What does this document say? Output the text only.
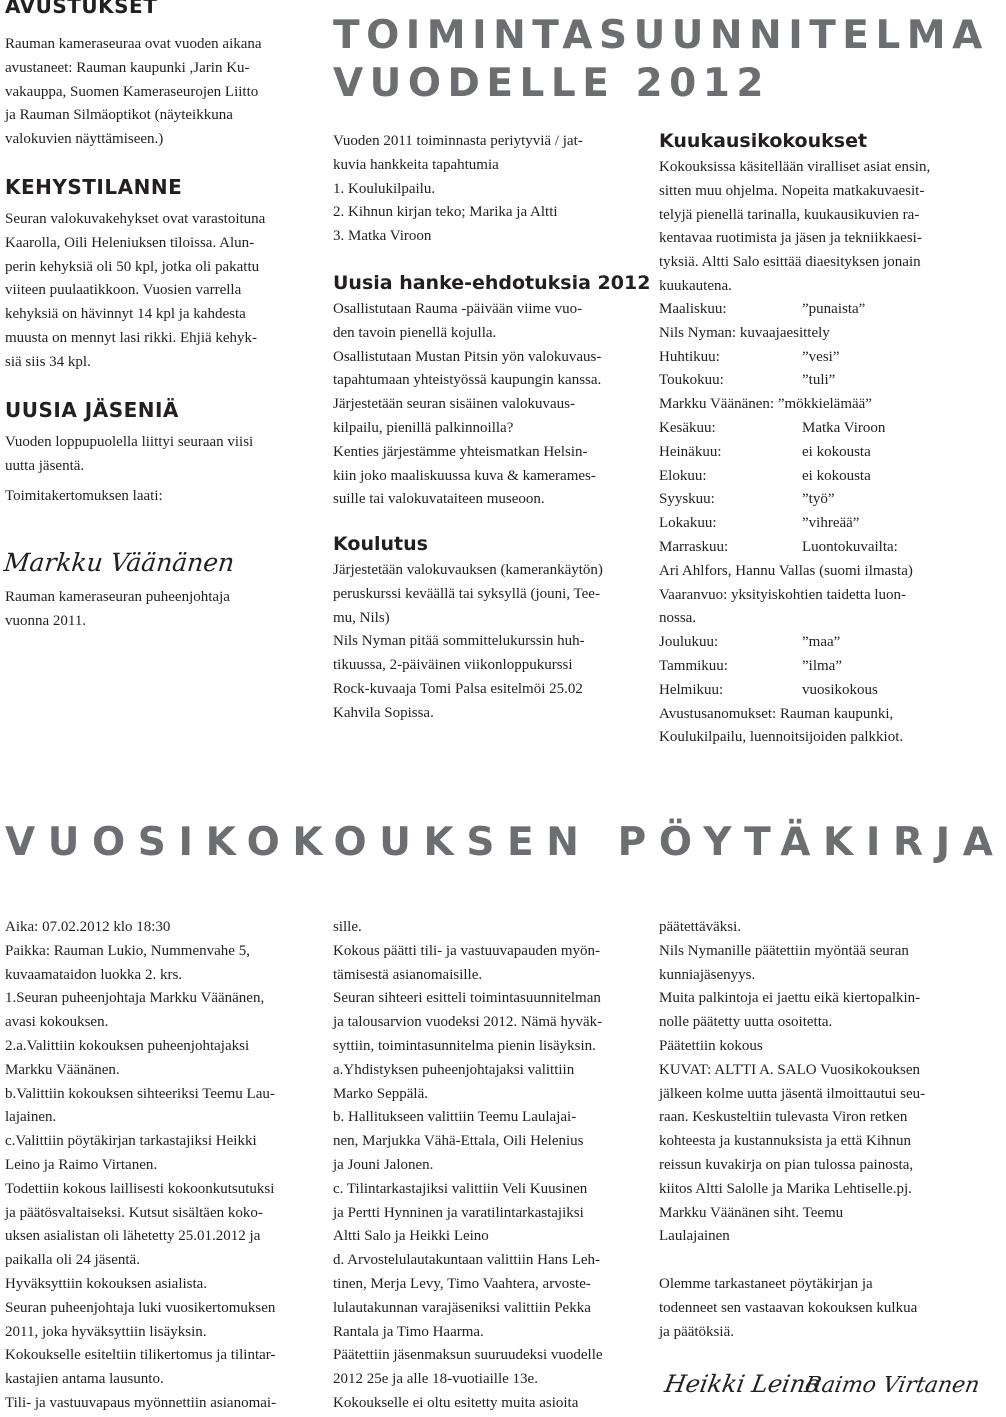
AVUSTUKSET

Rauman kameraseuraa ovat vuoden aikana

avustaneet: Rauman kaupunki ,Jarin Ku-

vakauppa, Suomen Kameraseurojen Liitto

ja Rauman Silmäoptikot (näyteikkuna

valokuvien näyttämiseen.)

KEHYSTILANNE

Seuran valokuvakehykset ovat varastoituna

Kaarolla, Oili Heleniuksen tiloissa. Alun-

perin kehyksiä oli 50 kpl, jotka oli pakattu

viiteen puulaatikkoon. Vuosien varrella

kehyksiä on hävinnyt 14 kpl ja kahdesta

muusta on mennyt lasi rikki. Ehjiä kehyk-

siä siis 34 kpl.

UUSIA JÄSENIÄ

Vuoden loppupuolella liittyi seuraan viisi

uutta jäsentä.

Toimitakertomuksen laati:

Markku Väänänen

Rauman kameraseuran puheenjohtaja

vuonna 2011.

TOIMINTASUUNNITELMA
VUODELLE 2012

Vuoden 2011 toiminnasta periytyviä / jat-

kuvia hankkeita tapahtumia

1. Koulukilpailu.

2. Kihnun kirjan teko; Marika ja Altti

3. Matka Viroon

Uusia hanke-ehdotuksia 2012

Osallistutaan Rauma -päivään viime vuo-

den tavoin pienellä kojulla.

Osallistutaan Mustan Pitsin yön valokuvaus-

tapahtumaan yhteistyössä kaupungin kanssa.

Järjestetään seuran sisäinen valokuvaus-

kilpailu, pienillä palkinnoilla?

Kenties järjestämme yhteismatkan Helsin-

kiin joko maaliskuussa kuva & kamerames-

suille tai valokuvataiteen museoon.

Koulutus

Järjestetään valokuvauksen (kamerankäytön)

peruskurssi keväällä tai syksyllä (jouni, Tee-

mu, Nils)

Nils Nyman pitää sommittelukurssin huh-

tikuussa, 2-päiväinen viikonloppukurssi

Rock-kuvaaja Tomi Palsa esitelmöi 25.02

Kahvila Sopissa.

Kuukausikokoukset

Kokouksissa käsitellään viralliset asiat ensin,

sitten muu ohjelma. Nopeita matkakuvaesit-

telyjä pienellä tarinalla, kuukausikuvien ra-

kentavaa ruotimista ja jäsen ja tekniikkaesi-

tyksiä. Altti Salo esittää diaesityksen jonain

kuukautena.

Maaliskuu:	”punaista”
Nils Nyman: kuvaajaesittely
Huhtikuu:	”vesi”
Toukokuu:	”tuli”
Markku Väänänen: ”mökkielämää”
Kesäkuu:	Matka Viroon
Heinäkuu:	ei kokousta
Elokuu:	ei kokousta
Syyskuu:	”työ”
Lokakuu:	”vihreää”
Marraskuu:	Luontokuvailta:
Ari Ahlfors, Hannu Vallas (suomi ilmasta)
Vaaranvuo: yksityiskohtien taidetta luon-
nossa.
Joulukuu:	”maa”
Tammikuu:	”ilma”
Helmikuu:	vuosikokous

Avustusanomukset: Rauman kaupunki,

Koulukilpailu, luennoitsijoiden palkkiot.

VUOSIKOKOUKSEN PÖYTÄKIRJA

Aika: 07.02.2012 klo 18:30

Paikka: Rauman Lukio, Nummenvahe 5,

kuvaamataidon luokka 2. krs.

1.Seuran puheenjohtaja Markku Väänänen,

avasi kokouksen.

2.a.Valittiin kokouksen puheenjohtajaksi

Markku Väänänen.

b.Valittiin kokouksen sihteeriksi Teemu Lau-

lajainen.

c.Valittiin pöytäkirjan tarkastajiksi Heikki

Leino ja Raimo Virtanen.

Todettiin kokous laillisesti kokoonkutsutuksi

ja päätösvaltaiseksi. Kutsut sisältäen koko-

uksen asialistan oli lähetetty 25.01.2012 ja

paikalla oli 24 jäsentä.

Hyväksyttiin kokouksen asialista.

Seuran puheenjohtaja luki vuosikertomuksen

2011, joka hyväksyttiin lisäyksin.

Kokoukselle esiteltiin tilikertomus ja tilintar-

kastajien antama lausunto.

Tili- ja vastuuvapaus myönnettiin asianomai-

sille.

Kokous päätti tili- ja vastuuvapauden myön-

tämisestä asianomaisille.

Seuran sihteeri esitteli toimintasuunnitelman

ja talousarvion vuodeksi 2012. Nämä hyväk-

syttiin, toimintasunnitelma pienin lisäyksin.

a.Yhdistyksen puheenjohtajaksi valittiin

Marko Seppälä.

b. Hallitukseen valittiin Teemu Laulajai-

nen, Marjukka Vähä-Ettala, Oili Helenius

ja Jouni Jalonen.

c. Tilintarkastajiksi valittiin Veli Kuusinen

ja Pertti Hynninen ja varatilintarkastajiksi

Altti Salo ja Heikki Leino

d. Arvostelulautakuntaan valittiin Hans Leh-

tinen, Merja Levy, Timo Vaahtera, arvoste-

lulautakunnan varajäseniksi valittiin Pekka

Rantala ja Timo Haarma.

Päätettiin jäsenmaksun suuruudeksi vuodelle

2012 25e ja alle 18-vuotiaille 13e.

Kokoukselle ei oltu esitetty muita asioita

päätettäväksi.

Nils Nymanille päätettiin myöntää seuran

kunniajäsenyys.

Muita palkintoja ei jaettu eikä kiertopalkin-

nolle päätetty uutta osoitetta.

Päätettiin kokous

KUVAT: ALTTI A. SALO Vuosikokouksen

jälkeen kolme uutta jäsentä ilmoittautui seu-

raan. Keskusteltiin tulevasta Viron retken

kohteesta ja kustannuksista ja että Kihnun

reissun kuvakirja on pian tulossa painosta,

kiitos Altti Salolle ja Marika Lehtiselle.pj.

Markku Väänänen siht. Teemu

Laulajainen

Olemme tarkastaneet pöytäkirjan ja

todenneet sen vastaavan kokouksen kulkua

ja päätöksiä.

Heikki Leino
Raimo Virtanen
